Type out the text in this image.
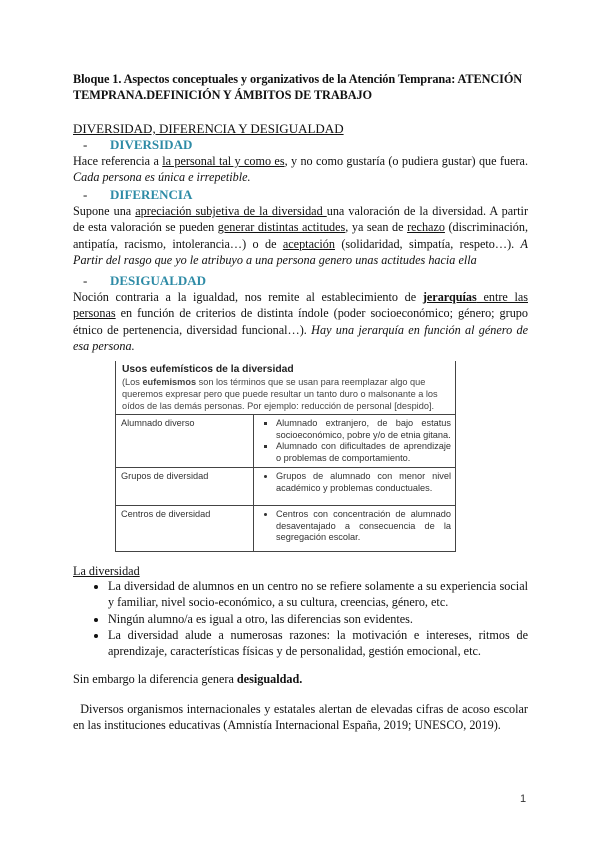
Bloque 1. Aspectos conceptuales y organizativos de la Atención Temprana: ATENCIÓN TEMPRANA.DEFINICIÓN Y ÁMBITOS DE TRABAJO
DIVERSIDAD, DIFERENCIA Y DESIGUALDAD
- DIVERSIDAD
Hace referencia a la personal tal y como es, y no como gustaría (o pudiera gustar) que fuera. Cada persona es única e irrepetible.
- DIFERENCIA
Supone una apreciación subjetiva de la diversidad una valoración de la diversidad. A partir de esta valoración se pueden generar distintas actitudes, ya sean de rechazo (discriminación, antipatía, racismo, intolerancia…) o de aceptación (solidaridad, simpatía, respeto…). A Partir del rasgo que yo le atribuyo a una persona genero unas actitudes hacia ella
- DESIGUALDAD
Noción contraria a la igualdad, nos remite al establecimiento de jerarquías entre las personas en función de criterios de distinta índole (poder socioeconómico; género; grupo étnico de pertenencia, diversidad funcional…). Hay una jerarquía en función al género de esa persona.
Usos eufemísticos de la diversidad
(Los eufemismos son los términos que se usan para reemplazar algo que queremos expresar pero que puede resultar un tanto duro o malsonante a los oídos de las demás personas. Por ejemplo: reducción de personal [despido].	
Alumnado diverso	
▪Alumnado extranjero, de bajo estatus socioeconómico, pobre y/o de etnia gitana.
▪ Alumnado con dificultades de aprendizaje o problemas de comportamiento.

Grupos de diversidad	
•Grupos de alumnado con menor nivel académico y problemas conductuales.

Centros de diversidad	
•Centros con concentración de alumnado desaventajado a consecuencia de la segregación escolar.
La diversidad
• La diversidad de alumnos en un centro no se refiere solamente a su experiencia social y familiar, nivel socio-económico, a su cultura, creencias, género, etc.
• Ningún alumno/a es igual a otro, las diferencias son evidentes.
• La diversidad alude a numerosas razones: la motivación e intereses, ritmos de aprendizaje, características físicas y de personalidad, gestión emocional, etc.
Sin embargo la diferencia genera desigualdad.
Diversos organismos internacionales y estatales alertan de elevadas cifras de acoso escolar en las instituciones educativas (Amnistía Internacional España, 2019; UNESCO, 2019).
1
